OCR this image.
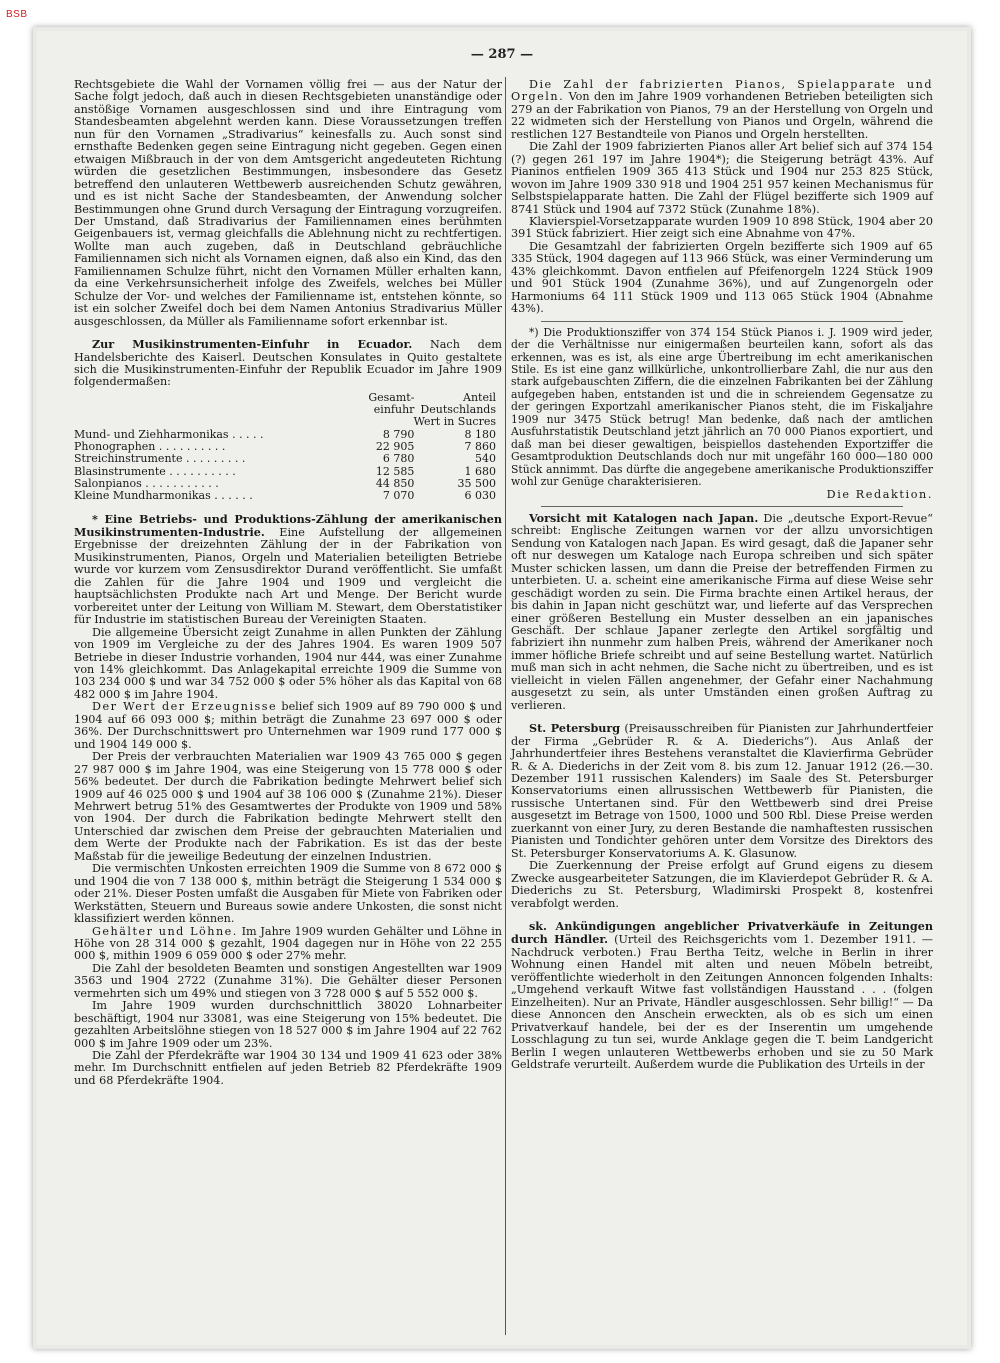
BSB
— 287 —

Rechtsgebiete die Wahl der Vornamen völlig frei — aus der Natur der Sache folgt jedoch, daß auch in diesen Rechtsgebieten unanständige oder anstößige Vornamen ausgeschlossen sind und ihre Eintragung vom Standesbeamten abgelehnt werden kann. Diese Voraussetzungen treffen nun für den Vornamen „Stradivarius“ keinesfalls zu. Auch sonst sind ernsthafte Bedenken gegen seine Eintragung nicht gegeben. Gegen einen etwaigen Mißbrauch in der von dem Amtsgericht angedeuteten Richtung würden die gesetzlichen Bestimmungen, insbesondere das Gesetz betreffend den unlauteren Wettbewerb ausreichenden Schutz gewähren, und es ist nicht Sache der Standesbeamten, der Anwendung solcher Bestimmungen ohne Grund durch Versagung der Eintragung vorzugreifen. Der Umstand, daß Stradivarius der Familiennamen eines berühmten Geigenbauers ist, vermag gleichfalls die Ablehnung nicht zu rechtfertigen. Wollte man auch zugeben, daß in Deutschland gebräuchliche Familiennamen sich nicht als Vornamen eignen, daß also ein Kind, das den Familiennamen Schulze führt, nicht den Vornamen Müller erhalten kann, da eine Verkehrsunsicherheit infolge des Zweifels, welches bei Müller Schulze der Vor- und welches der Familienname ist, entstehen könnte, so ist ein solcher Zweifel doch bei dem Namen Antonius Stradivarius Müller ausgeschlossen, da Müller als Familienname sofort erkennbar ist.

Zur Musikinstrumenten-Einfuhr in Ecuador. Nach dem Handelsberichte des Kaiserl. Deutschen Konsulates in Quito gestaltete sich die Musikinstrumenten-Einfuhr der Republik Ecuador im Jahre 1909 folgendermaßen:

	Gesamt-	Anteil
	einfuhr	Deutschlands
	Wert in Sucres	
Mund- und Ziehharmonikas . . . . .	8 790	8 180
Phonographen . . . . . . . . . .	22 905	7 860
Streichinstrumente . . . . . . . . .	6 780	540
Blasinstrumente . . . . . . . . . .	12 585	1 680
Salonpianos . . . . . . . . . . .	44 850	35 500
Kleine Mundharmonikas . . . . . .	7 070	6 030

* Eine Betriebs- und Produktions-Zählung der amerikanischen Musikinstrumenten-Industrie. Eine Aufstellung der allgemeinen Ergebnisse der dreizehnten Zählung der in der Fabrikation von Musikinstrumenten, Pianos, Orgeln und Materialien beteiligten Betriebe wurde vor kurzem vom Zensusdirektor Durand veröffentlicht. Sie umfaßt die Zahlen für die Jahre 1904 und 1909 und vergleicht die hauptsächlichsten Produkte nach Art und Menge. Der Bericht wurde vorbereitet unter der Leitung von William M. Stewart, dem Oberstatistiker für Industrie im statistischen Bureau der Vereinigten Staaten.

Die allgemeine Übersicht zeigt Zunahme in allen Punkten der Zählung von 1909 im Vergleiche zu der des Jahres 1904. Es waren 1909 507 Betriebe in dieser Industrie vorhanden, 1904 nur 444, was einer Zunahme von 14% gleichkommt. Das Anlagekapital erreichte 1909 die Summe von 103 234 000 $ und war 34 752 000 $ oder 5% höher als das Kapital von 68 482 000 $ im Jahre 1904.

Der Wert der Erzeugnisse belief sich 1909 auf 89 790 000 $ und 1904 auf 66 093 000 $; mithin beträgt die Zunahme 23 697 000 $ oder 36%. Der Durchschnittswert pro Unternehmen war 1909 rund 177 000 $ und 1904 149 000 $.

Der Preis der verbrauchten Materialien war 1909 43 765 000 $ gegen 27 987 000 $ im Jahre 1904, was eine Steigerung von 15 778 000 $ oder 56% bedeutet. Der durch die Fabrikation bedingte Mehrwert belief sich 1909 auf 46 025 000 $ und 1904 auf 38 106 000 $ (Zunahme 21%). Dieser Mehrwert betrug 51% des Gesamtwertes der Produkte von 1909 und 58% von 1904. Der durch die Fabrikation bedingte Mehrwert stellt den Unterschied dar zwischen dem Preise der gebrauchten Materialien und dem Werte der Produkte nach der Fabrikation. Es ist das der beste Maßstab für die jeweilige Bedeutung der einzelnen Industrien.

Die vermischten Unkosten erreichten 1909 die Summe von 8 672 000 $ und 1904 die von 7 138 000 $, mithin beträgt die Steigerung 1 534 000 $ oder 21%. Dieser Posten umfaßt die Ausgaben für Miete von Fabriken oder Werkstätten, Steuern und Bureaus sowie andere Unkosten, die sonst nicht klassifiziert werden können.

Gehälter und Löhne. Im Jahre 1909 wurden Gehälter und Löhne in Höhe von 28 314 000 $ gezahlt, 1904 dagegen nur in Höhe von 22 255 000 $, mithin 1909 6 059 000 $ oder 27% mehr.

Die Zahl der besoldeten Beamten und sonstigen Angestellten war 1909 3563 und 1904 2722 (Zunahme 31%). Die Gehälter dieser Personen vermehrten sich um 49% und stiegen von 3 728 000 $ auf 5 552 000 $.

Im Jahre 1909 wurden durchschnittlich 38020 Lohnarbeiter beschäftigt, 1904 nur 33081, was eine Steigerung von 15% bedeutet. Die gezahlten Arbeitslöhne stiegen von 18 527 000 $ im Jahre 1904 auf 22 762 000 $ im Jahre 1909 oder um 23%.

Die Zahl der Pferdekräfte war 1904 30 134 und 1909 41 623 oder 38% mehr. Im Durchschnitt entfielen auf jeden Betrieb 82 Pferdekräfte 1909 und 68 Pferdekräfte 1904.

Die Zahl der fabrizierten Pianos, Spielapparate und Orgeln. Von den im Jahre 1909 vorhandenen Betrieben beteiligten sich 279 an der Fabrikation von Pianos, 79 an der Herstellung von Orgeln und 22 widmeten sich der Herstellung von Pianos und Orgeln, während die restlichen 127 Bestandteile von Pianos und Orgeln herstellten.

Die Zahl der 1909 fabrizierten Pianos aller Art belief sich auf 374 154 (?) gegen 261 197 im Jahre 1904*); die Steigerung beträgt 43%. Auf Pianinos entfielen 1909 365 413 Stück und 1904 nur 253 825 Stück, wovon im Jahre 1909 330 918 und 1904 251 957 keinen Mechanismus für Selbstspielapparate hatten. Die Zahl der Flügel bezifferte sich 1909 auf 8741 Stück und 1904 auf 7372 Stück (Zunahme 18%).

Klavierspiel-Vorsetzapparate wurden 1909 10 898 Stück, 1904 aber 20 391 Stück fabriziert. Hier zeigt sich eine Abnahme von 47%.

Die Gesamtzahl der fabrizierten Orgeln bezifferte sich 1909 auf 65 335 Stück, 1904 dagegen auf 113 966 Stück, was einer Verminderung um 43% gleichkommt. Davon entfielen auf Pfeifenorgeln 1224 Stück 1909 und 901 Stück 1904 (Zunahme 36%), und auf Zungenorgeln oder Harmoniums 64 111 Stück 1909 und 113 065 Stück 1904 (Abnahme 43%).

*) Die Produktionsziffer von 374 154 Stück Pianos i. J. 1909 wird jeder, der die Verhältnisse nur einigermaßen beurteilen kann, sofort als das erkennen, was es ist, als eine arge Übertreibung im echt amerikanischen Stile. Es ist eine ganz willkürliche, unkontrollierbare Zahl, die nur aus den stark aufgebauschten Ziffern, die die einzelnen Fabrikanten bei der Zählung aufgegeben haben, entstanden ist und die in schreiendem Gegensatze zu der geringen Exportzahl amerikanischer Pianos steht, die im Fiskaljahre 1909 nur 3475 Stück betrug! Man bedenke, daß nach der amtlichen Ausfuhrstatistik Deutschland jetzt jährlich an 70 000 Pianos exportiert, und daß man bei dieser gewaltigen, beispiellos dastehenden Exportziffer die Gesamtproduktion Deutschlands doch nur mit ungefähr 160 000—180 000 Stück annimmt. Das dürfte die angegebene amerikanische Produktionsziffer wohl zur Genüge charakterisieren.

Die Redaktion.

Vorsicht mit Katalogen nach Japan. Die „deutsche Export-Revue“ schreibt: Englische Zeitungen warnen vor der allzu unvorsichtigen Sendung von Katalogen nach Japan. Es wird gesagt, daß die Japaner sehr oft nur deswegen um Kataloge nach Europa schreiben und sich später Muster schicken lassen, um dann die Preise der betreffenden Firmen zu unterbieten. U. a. scheint eine amerikanische Firma auf diese Weise sehr geschädigt worden zu sein. Die Firma brachte einen Artikel heraus, der bis dahin in Japan nicht geschützt war, und lieferte auf das Versprechen einer größeren Bestellung ein Muster desselben an ein japanisches Geschäft. Der schlaue Japaner zerlegte den Artikel sorgfältig und fabriziert ihn nunmehr zum halben Preis, während der Amerikaner noch immer höfliche Briefe schreibt und auf seine Bestellung wartet. Natürlich muß man sich in acht nehmen, die Sache nicht zu übertreiben, und es ist vielleicht in vielen Fällen angenehmer, der Gefahr einer Nachahmung ausgesetzt zu sein, als unter Umständen einen großen Auftrag zu verlieren.

St. Petersburg (Preisausschreiben für Pianisten zur Jahrhundertfeier der Firma „Gebrüder R. & A. Diederichs“). Aus Anlaß der Jahrhundertfeier ihres Bestehens veranstaltet die Klavierfirma Gebrüder R. & A. Diederichs in der Zeit vom 8. bis zum 12. Januar 1912 (26.—30. Dezember 1911 russischen Kalenders) im Saale des St. Petersburger Konservatoriums einen allrussischen Wettbewerb für Pianisten, die russische Untertanen sind. Für den Wettbewerb sind drei Preise ausgesetzt im Betrage von 1500, 1000 und 500 Rbl. Diese Preise werden zuerkannt von einer Jury, zu deren Bestande die namhaftesten russischen Pianisten und Tondichter gehören unter dem Vorsitze des Direktors des St. Petersburger Konservatoriums A. K. Glasunow.

Die Zuerkennung der Preise erfolgt auf Grund eigens zu diesem Zwecke ausgearbeiteter Satzungen, die im Klavierdepot Gebrüder R. & A. Diederichs zu St. Petersburg, Wladimirski Prospekt 8, kostenfrei verabfolgt werden.

sk. Ankündigungen angeblicher Privatverkäufe in Zeitungen durch Händler. (Urteil des Reichsgerichts vom 1. Dezember 1911. — Nachdruck verboten.) Frau Bertha Teitz, welche in Berlin in ihrer Wohnung einen Handel mit alten und neuen Möbeln betreibt, veröffentlichte wiederholt in den Zeitungen Annoncen folgenden Inhalts: „Umgehend verkauft Witwe fast vollständigen Hausstand . . . (folgen Einzelheiten). Nur an Private, Händler ausgeschlossen. Sehr billig!“ — Da diese Annoncen den Anschein erweckten, als ob es sich um einen Privatverkauf handele, bei der es der Inserentin um umgehende Losschlagung zu tun sei, wurde Anklage gegen die T. beim Landgericht Berlin I wegen unlauteren Wettbewerbs erhoben und sie zu 50 Mark Geldstrafe verurteilt. Außerdem wurde die Publikation des Urteils in der
